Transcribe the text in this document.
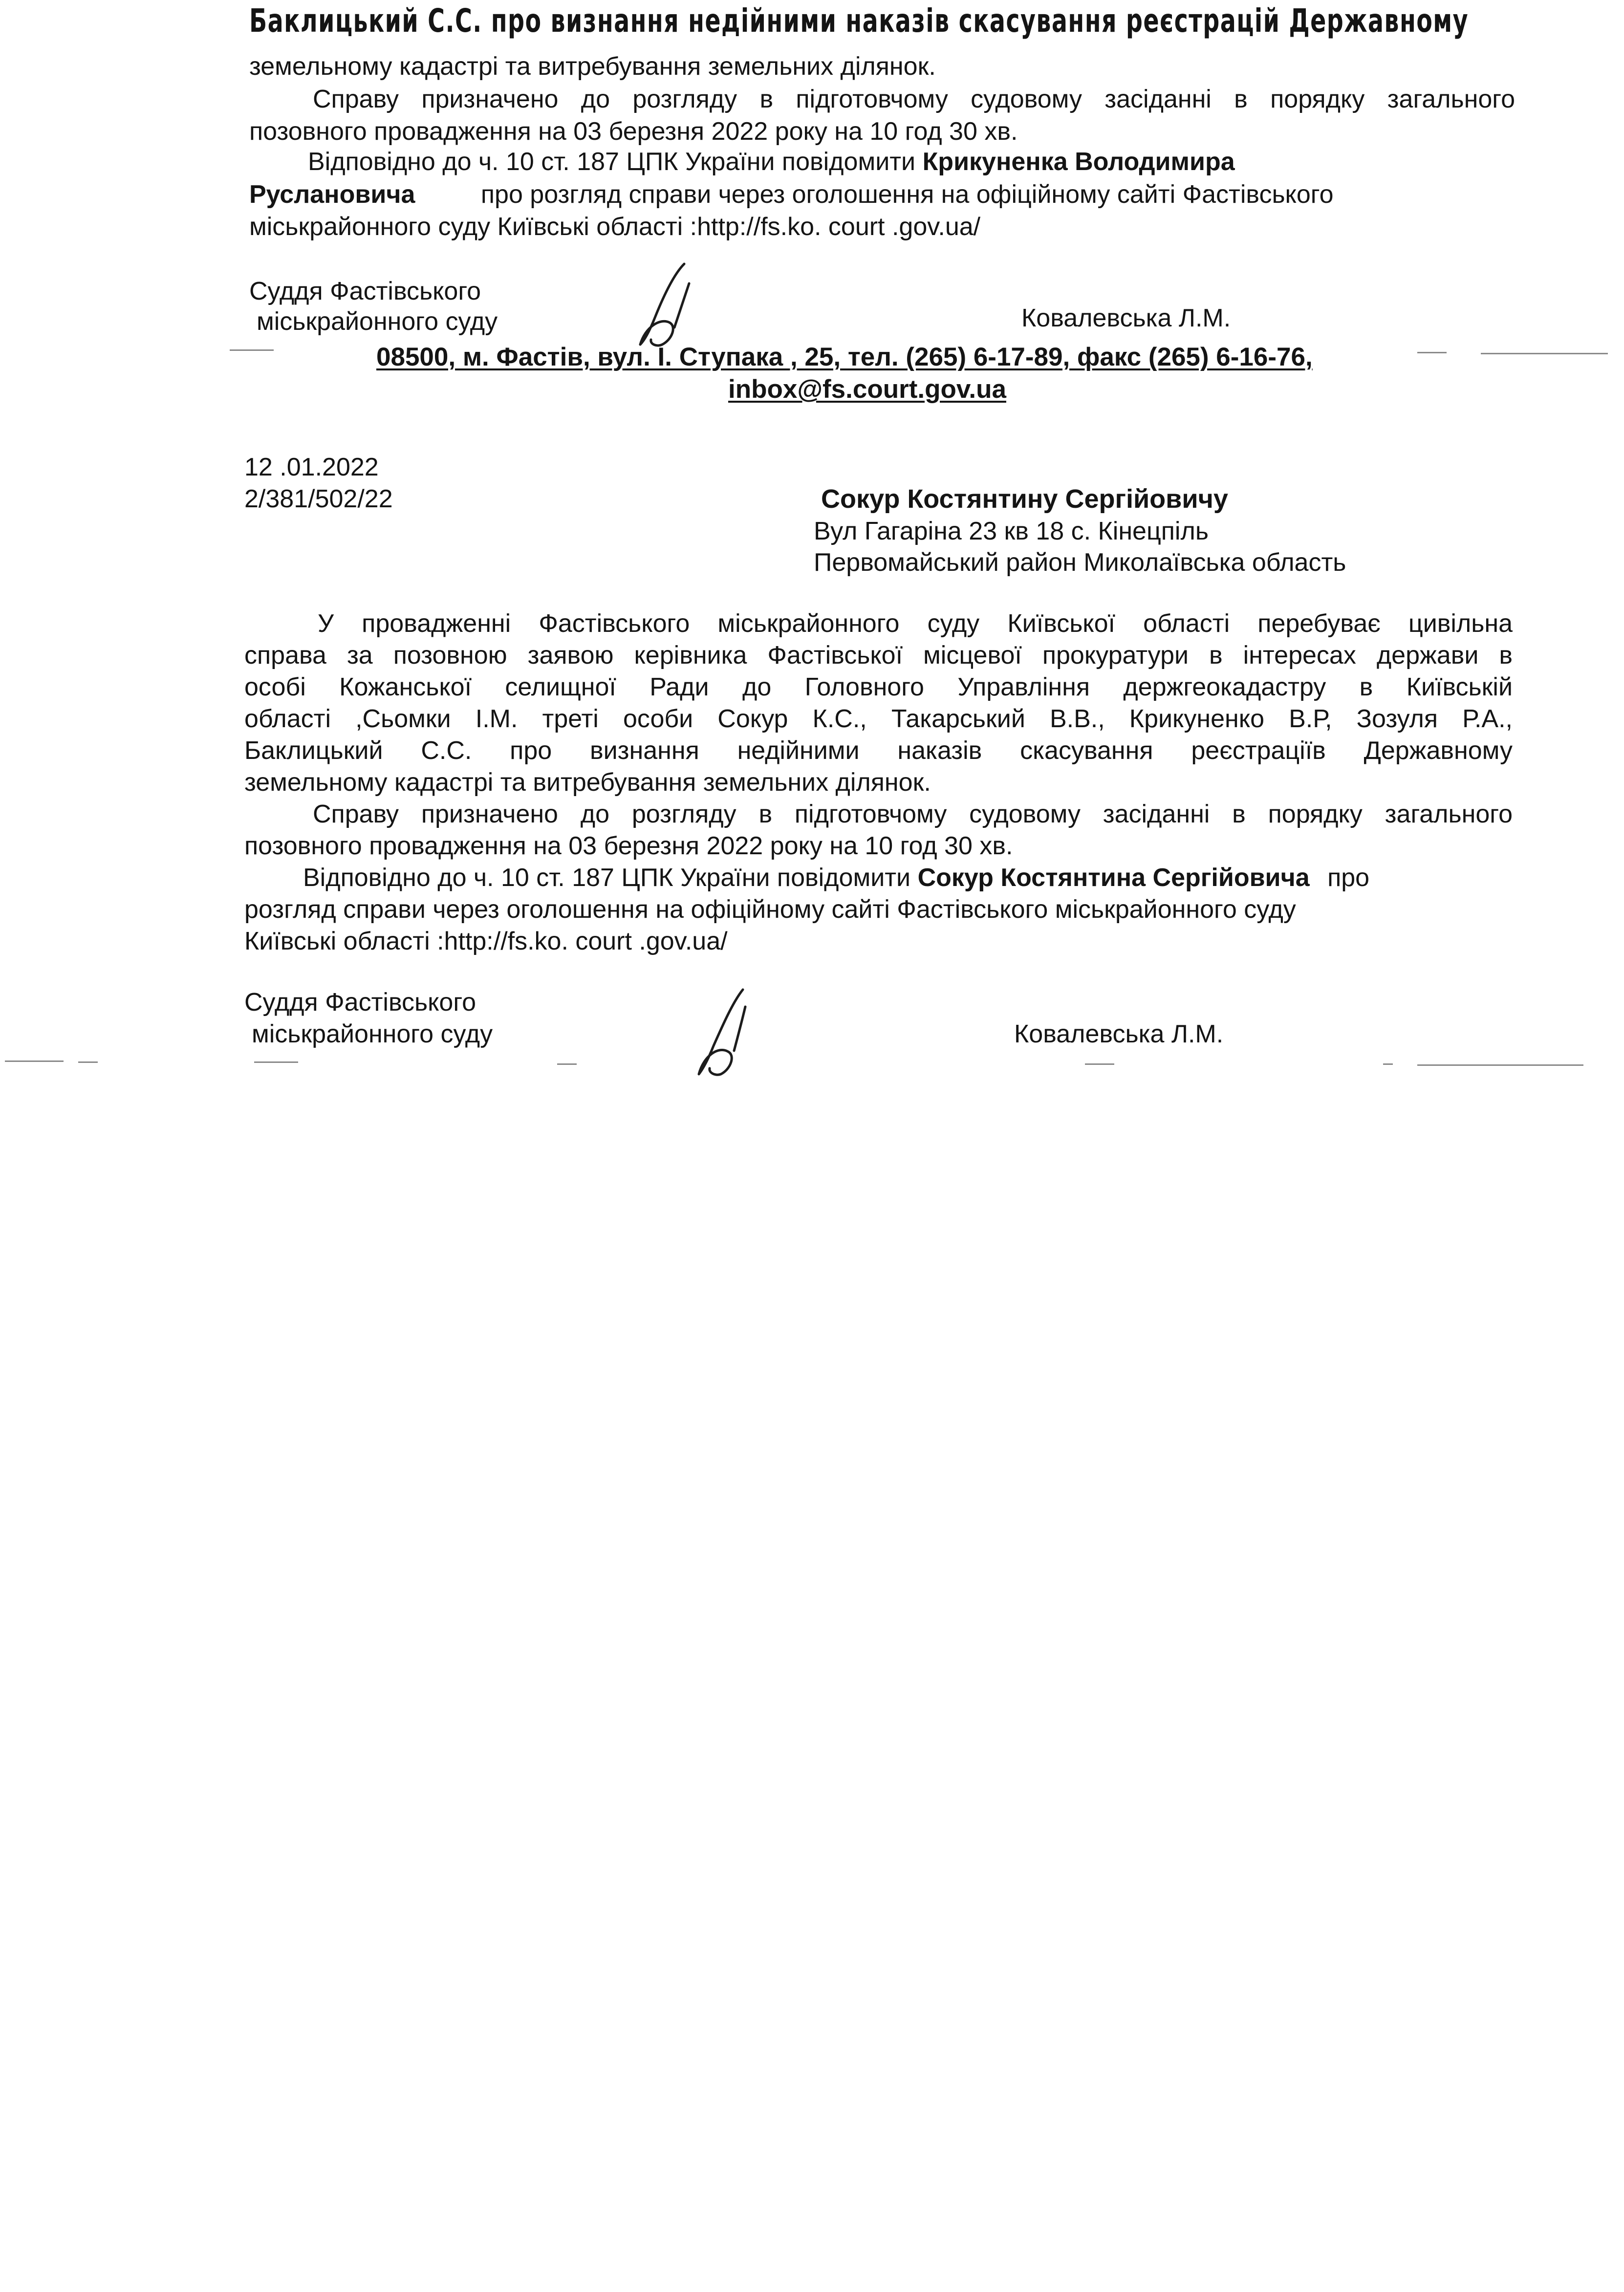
Баклицький С.С. про визнання недійними наказів скасування реєстрацій Державному
земельному кадастрі та витребування земельних ділянок.
Справу призначено до розгляду в підготовчому судовому засіданні в порядку загального
позовного провадження на 03 березня 2022 року на 10 год 30 хв.
Відповідно до ч. 10 ст. 187 ЦПК України повідомити Крикуненка Володимира
Руслановича	про розгляд справи через оголошення на офіційному сайті Фастівського
міськрайонного суду Київські області :http://fs.ko. court .gov.ua/
Суддя Фастівського
міськрайонного суду	Ковалевська Л.М.
08500, м. Фастів, вул. І. Ступака , 25, тел. (265) 6-17-89, факс (265) 6-16-76,
inbox@fs.court.gov.ua
12 .01.2022
2/381/502/22	Сокур Костянтину Сергійовичу
Вул Гагаріна 23 кв 18 с. Кінецпіль
Первомайський район Миколаївська область
У провадженні Фастівського міськрайонного суду Київської області перебуває цивільна
справа за позовною заявою керівника Фастівської місцевої прокуратури в інтересах держави в
особі Кожанської селищної Ради до Головного Управління держгеокадастру в Київській
області ,Сьомки І.М. треті особи Сокур К.С., Такарський В.В., Крикуненко В.Р, Зозуля Р.А.,
Баклицький С.С. про визнання недійними наказів скасування реєстраціїв Державному
земельному кадастрі та витребування земельних ділянок.
Справу призначено до розгляду в підготовчому судовому засіданні в порядку загального
позовного провадження на 03 березня 2022 року на 10 год 30 хв.
Відповідно до ч. 10 ст. 187 ЦПК України повідомити Сокур Костянтина Сергійовича про
розгляд справи через оголошення на офіційному сайті Фастівського міськрайонного суду
Київські області :http://fs.ko. court .gov.ua/
Суддя Фастівського
міськрайонного суду	Ковалевська Л.М.
